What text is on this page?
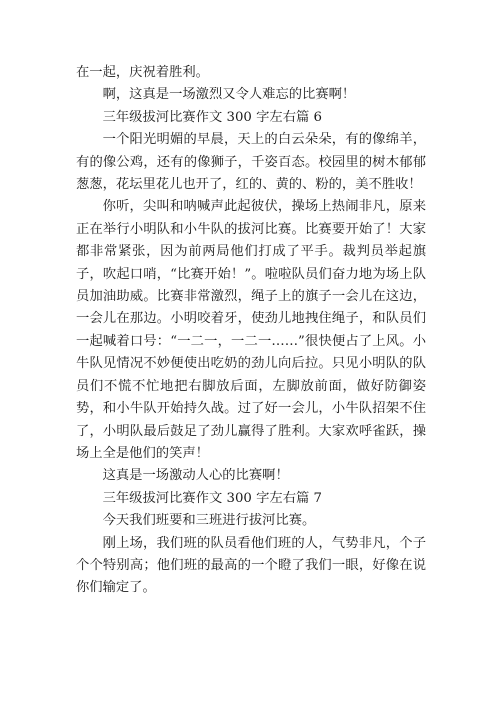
在一起，庆祝着胜利。

啊，这真是一场激烈又令人难忘的比赛啊！

三年级拔河比赛作文 300 字左右篇 6

一个阳光明媚的早晨，天上的白云朵朵，有的像绵羊，有的像公鸡，还有的像狮子，千姿百态。校园里的树木郁郁葱葱，花坛里花儿也开了，红的、黄的、粉的，美不胜收！

你听，尖叫和呐喊声此起彼伏，操场上热闹非凡，原来正在举行小明队和小牛队的拔河比赛。比赛要开始了！大家都非常紧张，因为前两局他们打成了平手。裁判员举起旗子，吹起口哨，“比赛开始！”。啦啦队员们奋力地为场上队员加油助威。比赛非常激烈，绳子上的旗子一会儿在这边，一会儿在那边。小明咬着牙，使劲儿地拽住绳子，和队员们一起喊着口号：“一二一，一二一……”很快便占了上风。小牛队见情况不妙便使出吃奶的劲儿向后拉。只见小明队的队员们不慌不忙地把右脚放后面，左脚放前面，做好防御姿势，和小牛队开始持久战。过了好一会儿，小牛队招架不住了，小明队最后鼓足了劲儿赢得了胜利。大家欢呼雀跃，操场上全是他们的笑声！

这真是一场激动人心的比赛啊！

三年级拔河比赛作文 300 字左右篇 7

今天我们班要和三班进行拔河比赛。

刚上场，我们班的队员看他们班的人，气势非凡，个子个个特别高；他们班的最高的一个瞪了我们一眼，好像在说你们输定了。
